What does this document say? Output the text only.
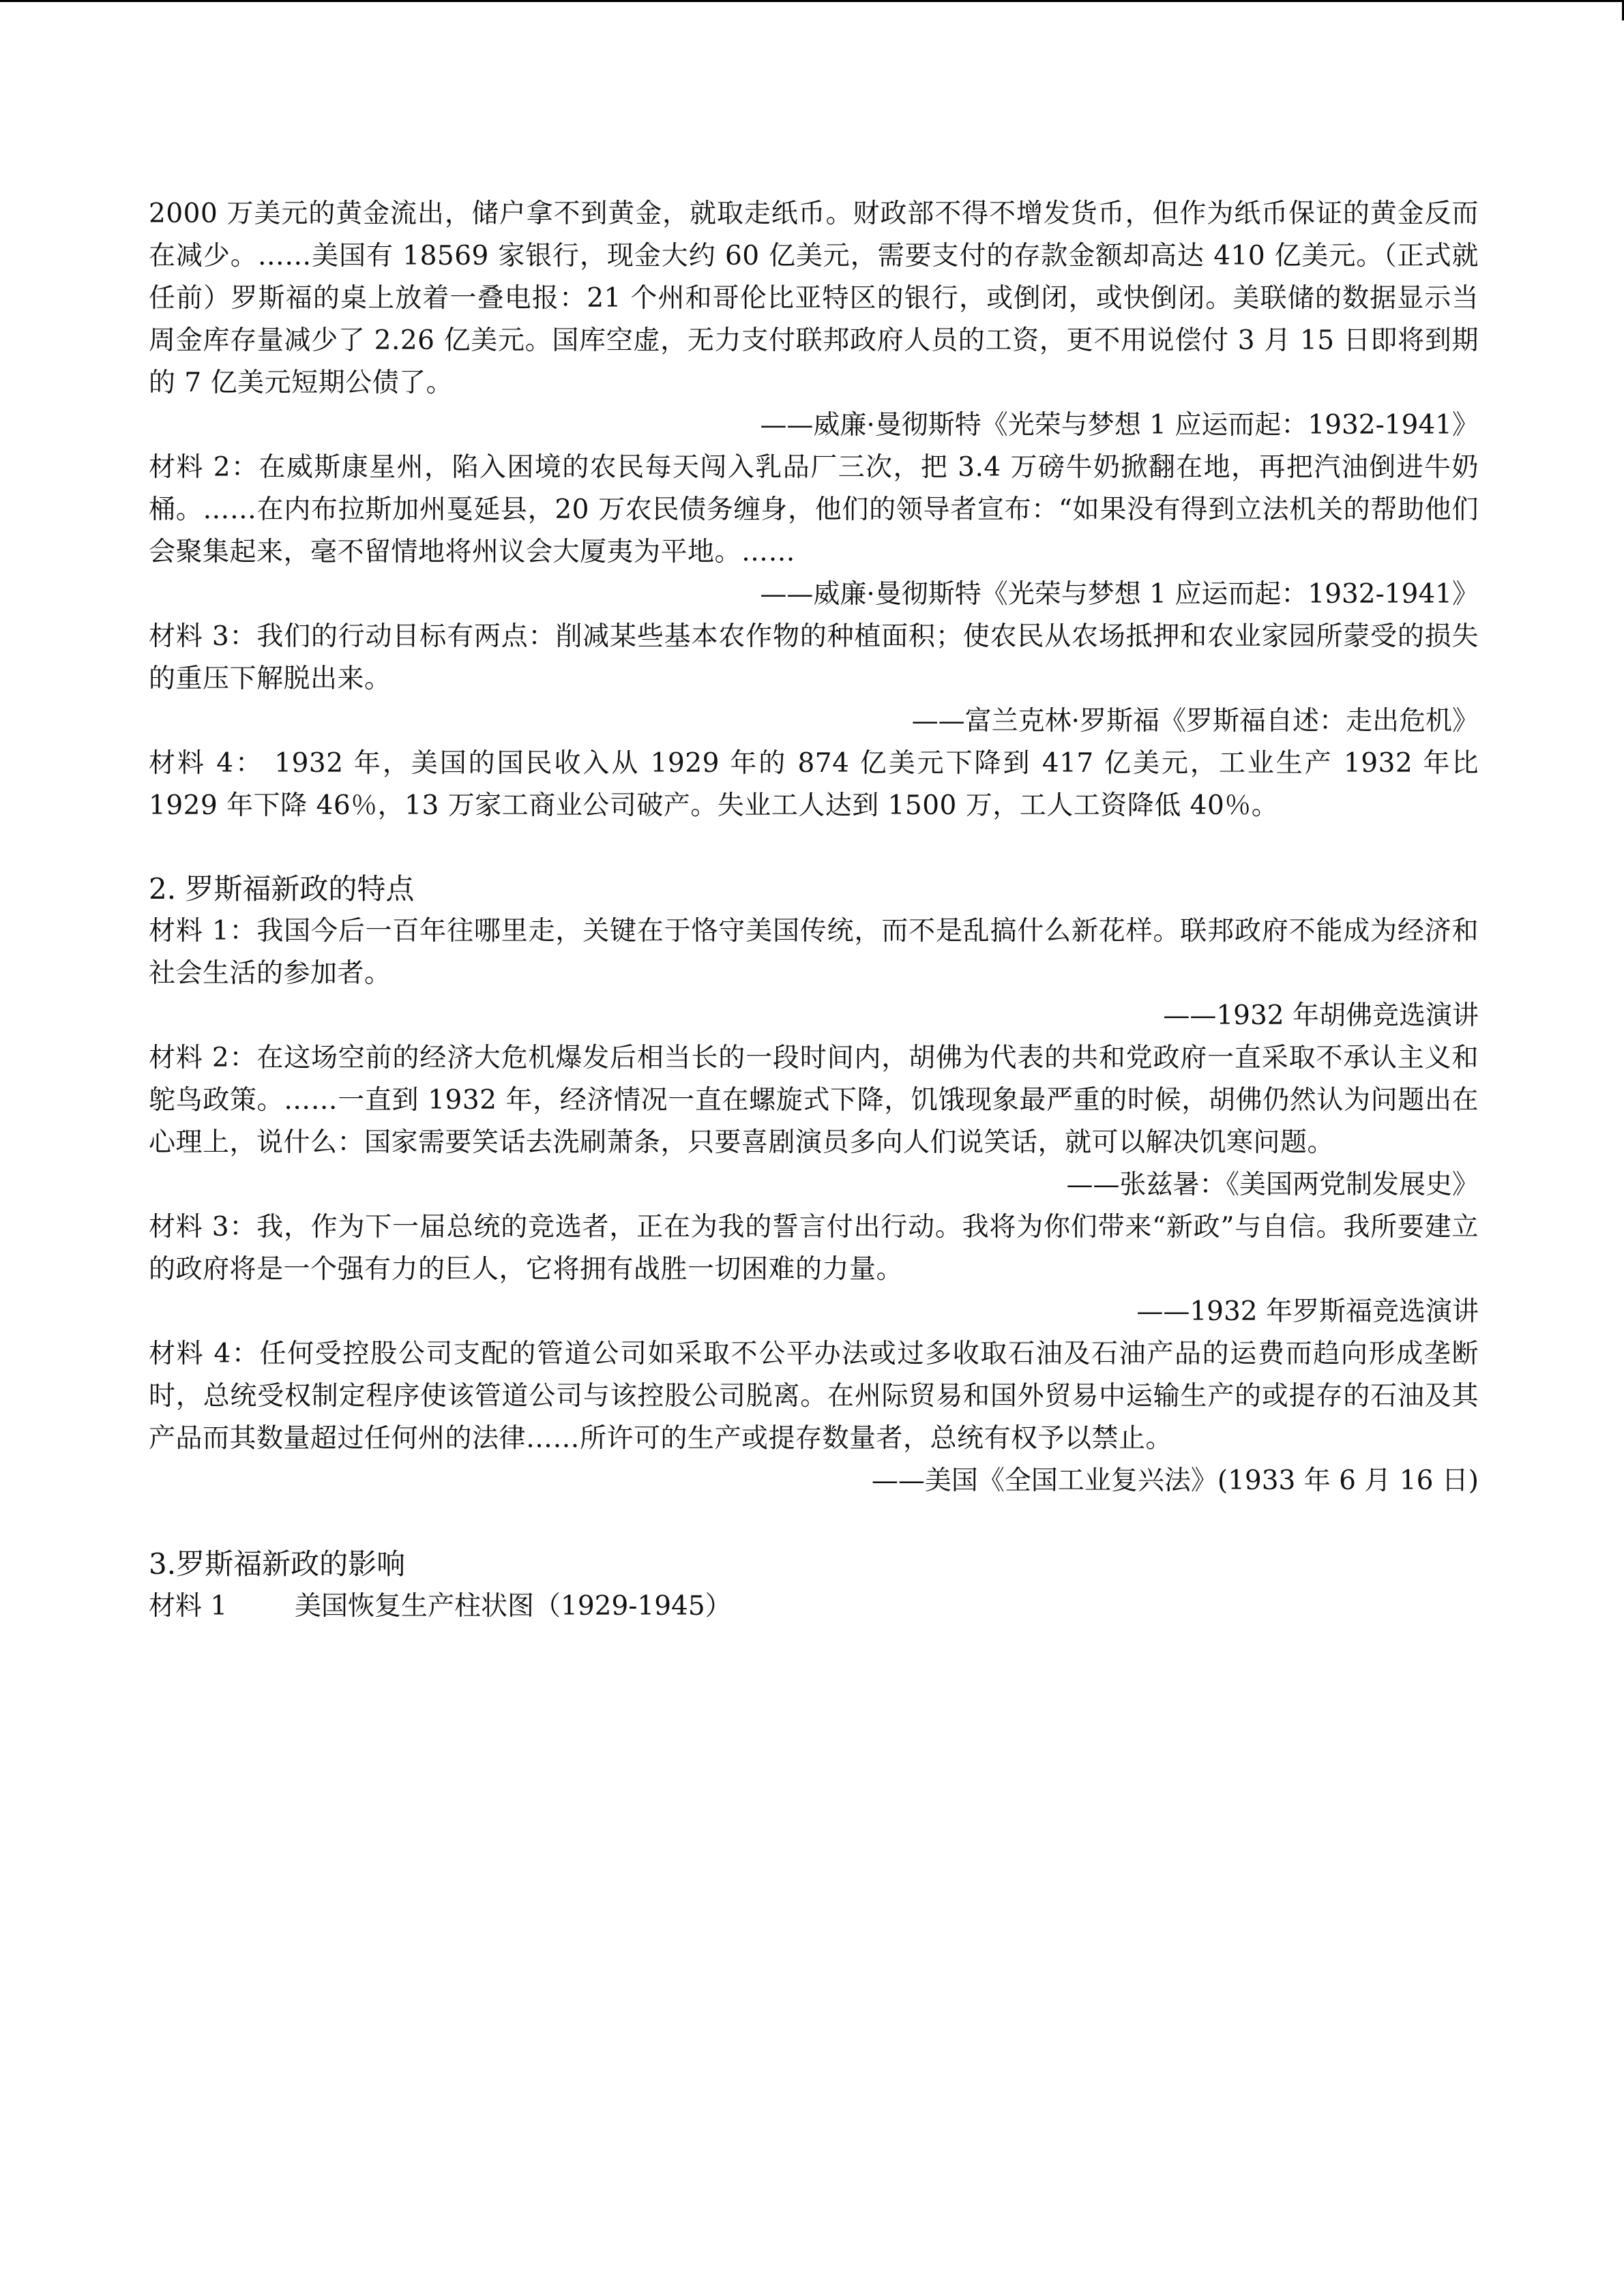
2000 万美元的黄金流出，储户拿不到黄金，就取走纸币。财政部不得不增发货币，但作为纸币保证的黄金反而在减少。……美国有 18569 家银行，现金大约 60 亿美元，需要支付的存款金额却高达 410 亿美元。（正式就任前）罗斯福的桌上放着一叠电报：21 个州和哥伦比亚特区的银行，或倒闭，或快倒闭。美联储的数据显示当周金库存量减少了 2.26 亿美元。国库空虚，无力支付联邦政府人员的工资，更不用说偿付 3 月 15 日即将到期的 7 亿美元短期公债了。

——威廉·曼彻斯特《光荣与梦想 1 应运而起：1932-1941》

材料 2：在威斯康星州，陷入困境的农民每天闯入乳品厂三次，把 3.4 万磅牛奶掀翻在地，再把汽油倒进牛奶桶。……在内布拉斯加州戛延县，20 万农民债务缠身，他们的领导者宣布：“如果没有得到立法机关的帮助他们会聚集起来，毫不留情地将州议会大厦夷为平地。……

——威廉·曼彻斯特《光荣与梦想 1 应运而起：1932-1941》

材料 3：我们的行动目标有两点：削减某些基本农作物的种植面积；使农民从农场抵押和农业家园所蒙受的损失的重压下解脱出来。

——富兰克林·罗斯福《罗斯福自述：走出危机》

材料 4： 1932 年，美国的国民收入从 1929 年的 874 亿美元下降到 417 亿美元，工业生产 1932 年比 1929 年下降 46％，13 万家工商业公司破产。失业工人达到 1500 万，工人工资降低 40％。

2. 罗斯福新政的特点

材料 1：我国今后一百年往哪里走，关键在于恪守美国传统，而不是乱搞什么新花样。联邦政府不能成为经济和社会生活的参加者。

——1932 年胡佛竞选演讲

材料 2：在这场空前的经济大危机爆发后相当长的一段时间内，胡佛为代表的共和党政府一直采取不承认主义和鸵鸟政策。……一直到 1932 年，经济情况一直在螺旋式下降，饥饿现象最严重的时候，胡佛仍然认为问题出在心理上，说什么：国家需要笑话去洗刷萧条，只要喜剧演员多向人们说笑话，就可以解决饥寒问题。

——张兹暑：《美国两党制发展史》

材料 3：我，作为下一届总统的竞选者，正在为我的誓言付出行动。我将为你们带来“新政”与自信。我所要建立的政府将是一个强有力的巨人，它将拥有战胜一切困难的力量。

——1932 年罗斯福竞选演讲

材料 4：任何受控股公司支配的管道公司如采取不公平办法或过多收取石油及石油产品的运费而趋向形成垄断时，总统受权制定程序使该管道公司与该控股公司脱离。在州际贸易和国外贸易中运输生产的或提存的石油及其产品而其数量超过任何州的法律……所许可的生产或提存数量者，总统有权予以禁止。

——美国《全国工业复兴法》(1933 年 6 月 16 日)

3.罗斯福新政的影响

材料 1	美国恢复生产柱状图（1929-1945）
